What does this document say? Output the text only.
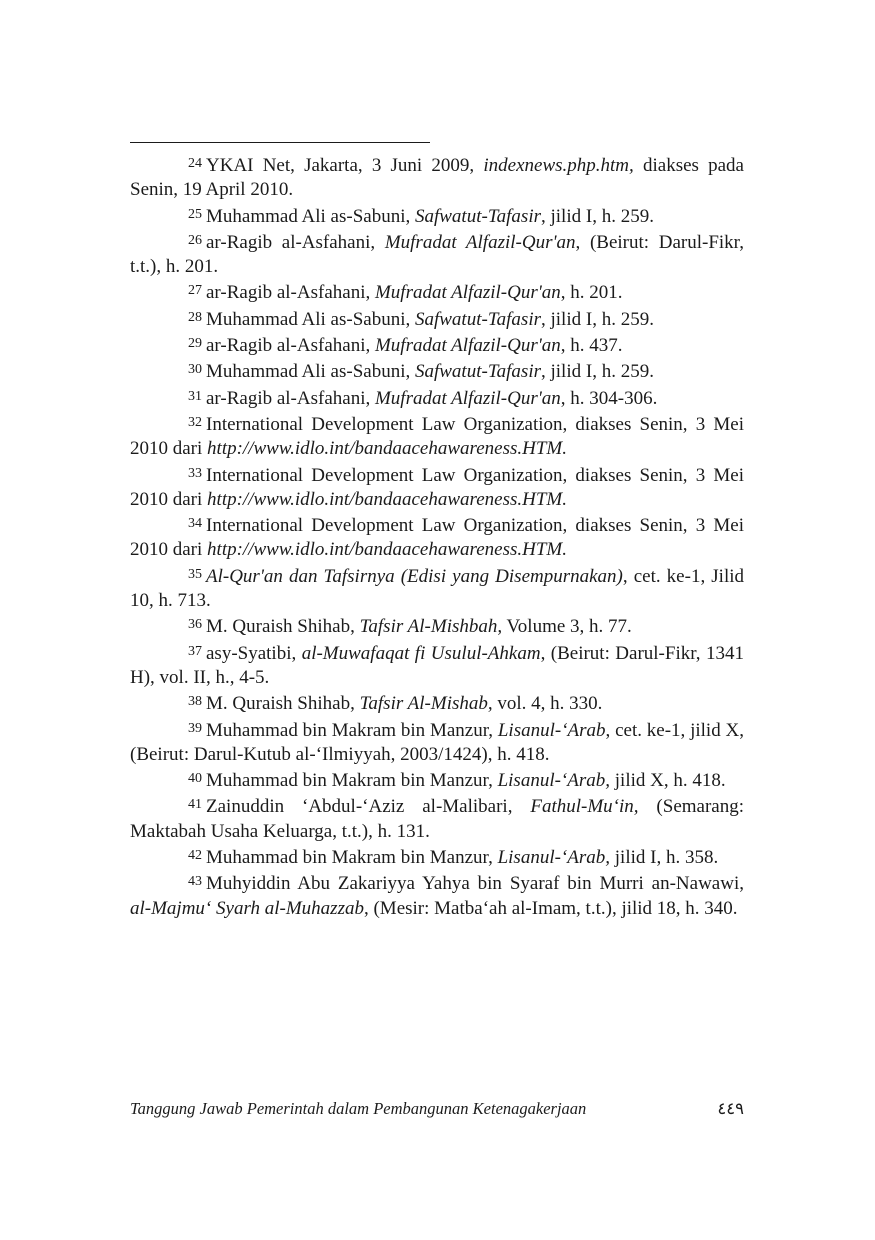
$^{24}$ YKAI Net, Jakarta, 3 Juni 2009, indexnews.php.htm, diakses pada Senin, 19 April 2010.

$^{25}$ Muhammad Ali as-Sabuni, Safwatut-Tafasir, jilid I, h. 259.

$^{26}$ ar-Ragib al-Asfahani, Mufradat Alfazil-Qur'an, (Beirut: Darul-Fikr, t.t.), h. 201.

$^{27}$ ar-Ragib al-Asfahani, Mufradat Alfazil-Qur'an, h. 201.

$^{28}$ Muhammad Ali as-Sabuni, Safwatut-Tafasir, jilid I, h. 259.

$^{29}$ ar-Ragib al-Asfahani, Mufradat Alfazil-Qur'an, h. 437.

$^{30}$ Muhammad Ali as-Sabuni, Safwatut-Tafasir, jilid I, h. 259.

$^{31}$ ar-Ragib al-Asfahani, Mufradat Alfazil-Qur'an, h. 304-306.

$^{32}$ International Development Law Organization, diakses Senin, 3 Mei 2010 dari http://www.idlo.int/bandaacehawareness.HTM.

$^{33}$ International Development Law Organization, diakses Senin, 3 Mei 2010 dari http://www.idlo.int/bandaacehawareness.HTM.

$^{34}$ International Development Law Organization, diakses Senin, 3 Mei 2010 dari http://www.idlo.int/bandaacehawareness.HTM.

$^{35}$ Al-Qur'an dan Tafsirnya (Edisi yang Disempurnakan), cet. ke-1, Jilid 10, h. 713.

$^{36}$ M. Quraish Shihab, Tafsir Al-Mishbah, Volume 3, h. 77.

$^{37}$ asy-Syatibi, al-Muwafaqat fi Usulul-Ahkam, (Beirut: Darul-Fikr, 1341 H), vol. II, h., 4-5.

$^{38}$ M. Quraish Shihab, Tafsir Al-Mishab, vol. 4, h. 330.

$^{39}$ Muhammad bin Makram bin Manzur, Lisanul-‘Arab, cet. ke-1, jilid X, (Beirut: Darul-Kutub al-‘Ilmiyyah, 2003/1424), h. 418.

$^{40}$ Muhammad bin Makram bin Manzur, Lisanul-‘Arab, jilid X, h. 418.

$^{41}$ Zainuddin ‘Abdul-‘Aziz al-Malibari, Fathul-Mu‘in, (Semarang: Maktabah Usaha Keluarga, t.t.), h. 131.

$^{42}$ Muhammad bin Makram bin Manzur, Lisanul-‘Arab, jilid I, h. 358.

$^{43}$ Muhyiddin Abu Zakariyya Yahya bin Syaraf bin Murri an-Nawawi, al-Majmu‘ Syarh al-Muhazzab, (Mesir: Matba‘ah al-Imam, t.t.), jilid 18, h. 340.

Tanggung Jawab Pemerintah dalam Pembangunan Ketenagakerjaan	٤٤٩
